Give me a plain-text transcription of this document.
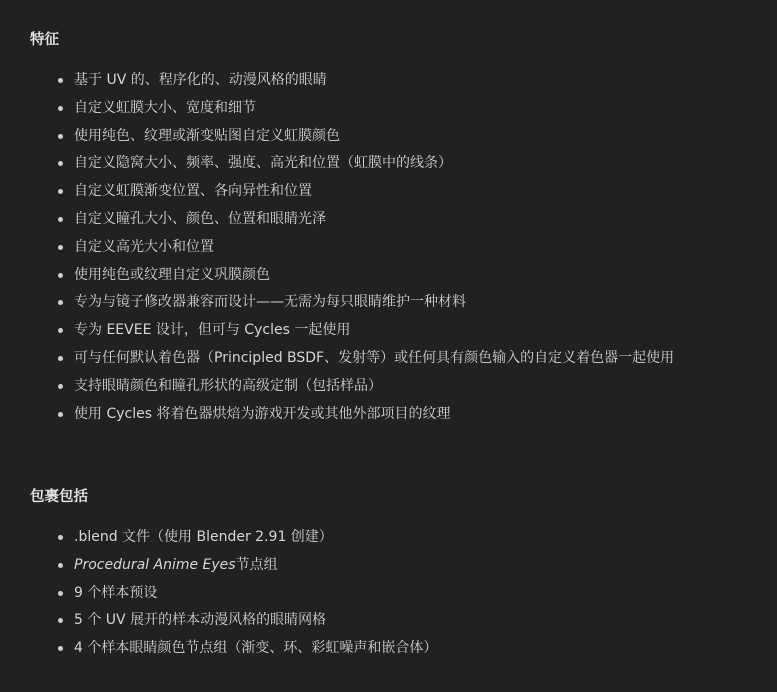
特征
基于 UV 的、程序化的、动漫风格的眼睛
自定义虹膜大小、宽度和细节
使用纯色、纹理或渐变贴图自定义虹膜颜色
自定义隐窝大小、频率、强度、高光和位置（虹膜中的线条）
自定义虹膜渐变位置、各向异性和位置
自定义瞳孔大小、颜色、位置和眼睛光泽
自定义高光大小和位置
使用纯色或纹理自定义巩膜颜色
专为与镜子修改器兼容而设计——无需为每只眼睛维护一种材料
专为 EEVEE 设计，但可与 Cycles 一起使用
可与任何默认着色器（Principled BSDF、发射等）或任何具有颜色输入的自定义着色器一起使用
支持眼睛颜色和瞳孔形状的高级定制（包括样品）
使用 Cycles 将着色器烘焙为游戏开发或其他外部项目的纹理
包裹包括
.blend 文件（使用 Blender 2.91 创建）
Procedural Anime Eyes节点组
9 个样本预设
5 个 UV 展开的样本动漫风格的眼睛网格
4 个样本眼睛颜色节点组（渐变、环、彩虹噪声和嵌合体）
